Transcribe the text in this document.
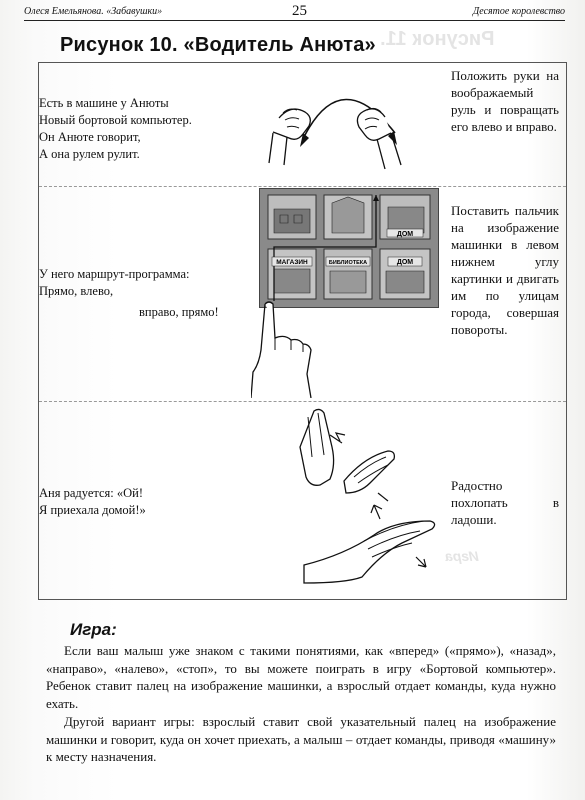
Рисунок 11.
Игра
Олеся Емельянова. «Забавушки»	25	Десятое королевство
Рисунок 10. «Водитель Анюта»
Есть в машине у Анюты
Новый бортовой компьютер.
Он Анюте говорит,
А она рулем рулит.
Положить руки на воображаемый руль и повращать его влево и вправо.
У него маршрут-программа:
Прямо, влево,
вправо, прямо!
ДОМ
МАГАЗИН	БИБЛИОТЕКА	ДОМ
Поставить пальчик на изображение машинки в левом нижнем углу картинки и двигать им по улицам города, совершая повороты.
Аня радуется: «Ой!
Я приехала домой!»
Радостно похлопать в ладоши.
Игра:
Если ваш малыш уже знаком с такими понятиями, как «вперед» («прямо»), «назад», «направо», «налево», «стоп», то вы можете поиграть в игру «Бортовой компьютер». Ребенок ставит палец на изображение машинки, а взрослый отдает команды, куда нужно ехать.
Другой вариант игры: взрослый ставит свой указательный палец на изображение машинки и говорит, куда он хочет приехать, а малыш – отдает команды, приводя «машину» к месту назначения.
